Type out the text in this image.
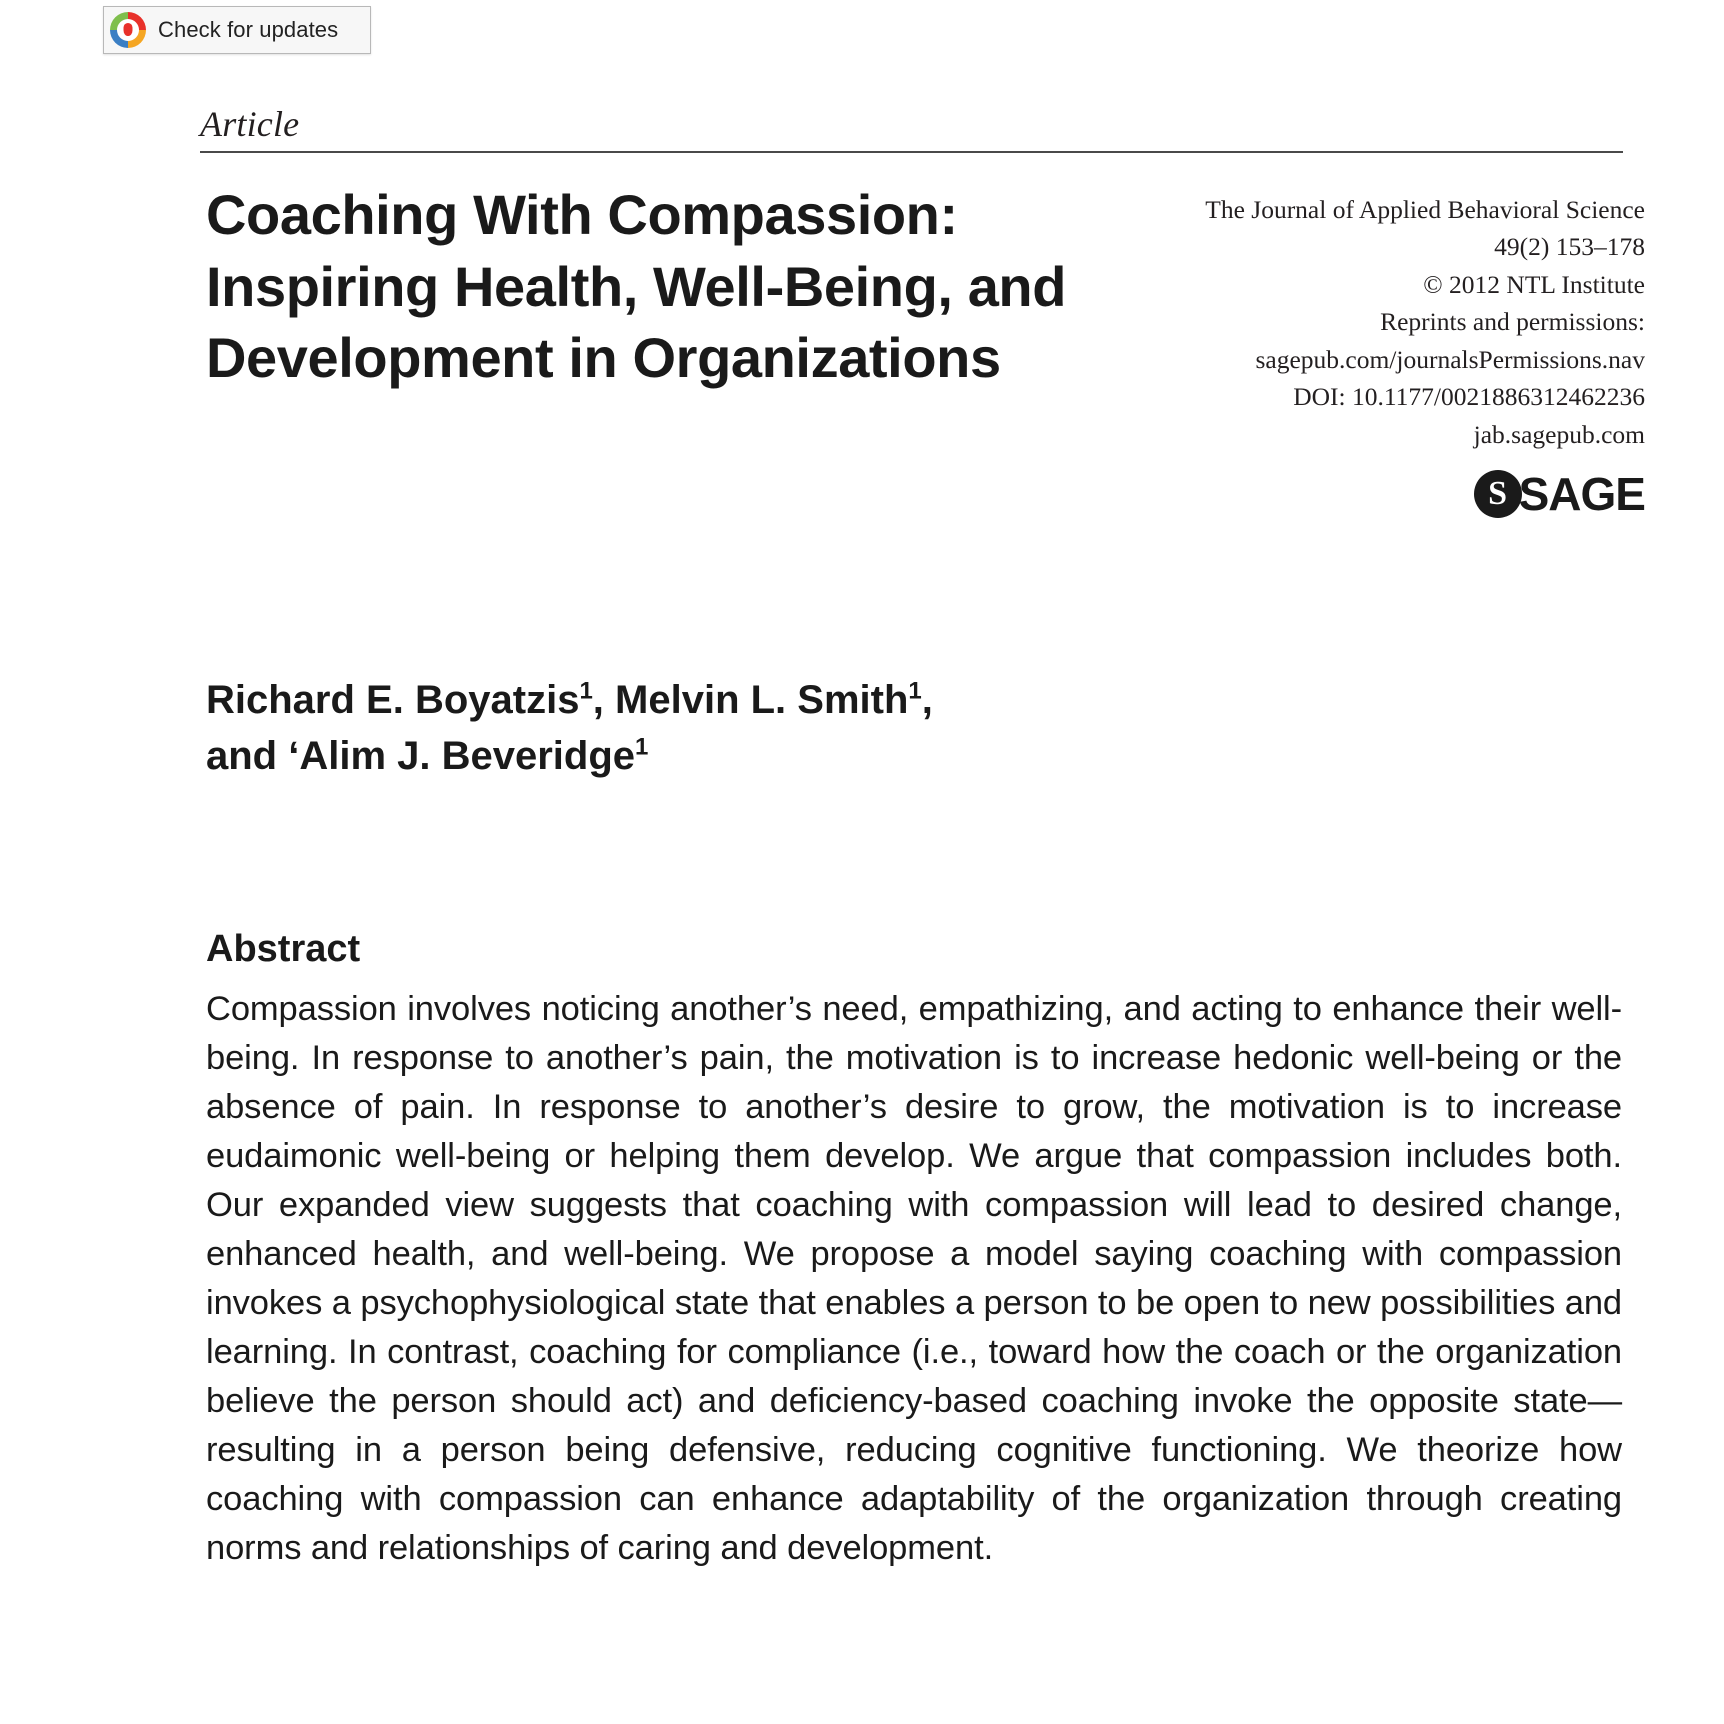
Check for updates
Article
Coaching With Compassion: Inspiring Health, Well-Being, and Development in Organizations
The Journal of Applied Behavioral Science
49(2) 153–178
© 2012 NTL Institute
Reprints and permissions:
sagepub.com/journalsPermissions.nav
DOI: 10.1177/0021886312462236
jab.sagepub.com
S SAGE
Richard E. Boyatzis$^1$, Melvin L. Smith$^1$,
and ‘Alim J. Beveridge$^1$
Abstract
Compassion involves noticing another’s need, empathizing, and acting to enhance their well-being. In response to another’s pain, the motivation is to increase hedonic well-being or the absence of pain. In response to another’s desire to grow, the motivation is to increase eudaimonic well-being or helping them develop. We argue that compassion includes both. Our expanded view suggests that coaching with compassion will lead to desired change, enhanced health, and well-being. We propose a model saying coaching with compassion invokes a psychophysiological state that enables a person to be open to new possibilities and learning. In contrast, coaching for compliance (i.e., toward how the coach or the organization believe the person should act) and deficiency-based coaching invoke the opposite state—resulting in a person being defensive, reducing cognitive functioning. We theorize how coaching with compassion can enhance adaptability of the organization through creating norms and relationships of caring and development.
